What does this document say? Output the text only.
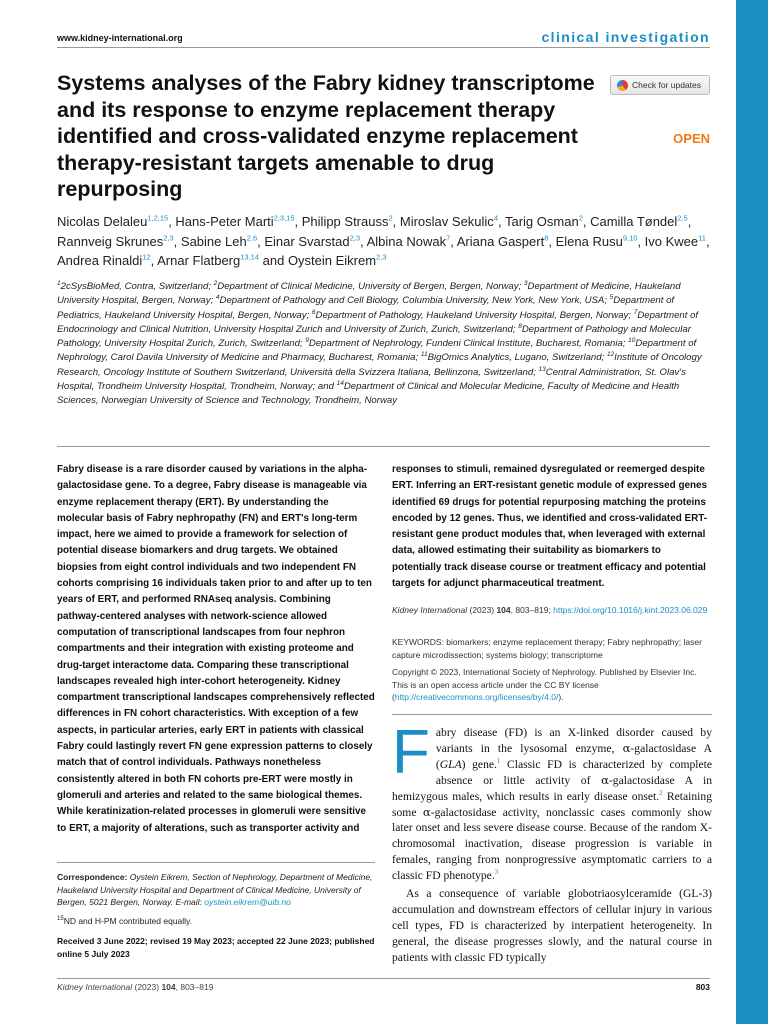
www.kidney-international.org	clinical investigation
Systems analyses of the Fabry kidney transcriptome and its response to enzyme replacement therapy identified and cross-validated enzyme replacement therapy-resistant targets amenable to drug repurposing
Check for updates
OPEN
Nicolas Delaleu$^{1,2,15}$, Hans-Peter Marti$^{2,3,15}$, Philipp Strauss$^2$, Miroslav Sekulic$^4$, Tarig Osman$^2$, Camilla Tøndel$^{2,5}$, Rannveig Skrunes$^{2,3}$, Sabine Leh$^{2,6}$, Einar Svarstad$^{2,3}$, Albina Nowak$^7$, Ariana Gaspert$^8$, Elena Rusu$^{9,10}$, Ivo Kwee$^{11}$, Andrea Rinaldi$^{12}$, Arnar Flatberg$^{13,14}$ and Oystein Eikrem$^{2,3}$
$^1$2cSysBioMed, Contra, Switzerland; $^2$Department of Clinical Medicine, University of Bergen, Bergen, Norway; $^3$Department of Medicine, Haukeland University Hospital, Bergen, Norway; $^4$Department of Pathology and Cell Biology, Columbia University, New York, New York, USA; $^5$Department of Pediatrics, Haukeland University Hospital, Bergen, Norway; $^6$Department of Pathology, Haukeland University Hospital, Bergen, Norway; $^7$Department of Endocrinology and Clinical Nutrition, University Hospital Zurich and University of Zurich, Zurich, Switzerland; $^8$Department of Pathology and Molecular Pathology, University Hospital Zurich, Zurich, Switzerland; $^9$Department of Nephrology, Fundeni Clinical Institute, Bucharest, Romania; $^{10}$Department of Nephrology, Carol Davila University of Medicine and Pharmacy, Bucharest, Romania; $^{11}$BigOmics Analytics, Lugano, Switzerland; $^{12}$Institute of Oncology Research, Oncology Institute of Southern Switzerland, Università della Svizzera Italiana, Bellinzona, Switzerland; $^{13}$Central Administration, St. Olav's Hospital, Trondheim University Hospital, Trondheim, Norway; and $^{14}$Department of Clinical and Molecular Medicine, Faculty of Medicine and Health Sciences, Norwegian University of Science and Technology, Trondheim, Norway
Fabry disease is a rare disorder caused by variations in the alpha-galactosidase gene. To a degree, Fabry disease is manageable via enzyme replacement therapy (ERT). By understanding the molecular basis of Fabry nephropathy (FN) and ERT's long-term impact, here we aimed to provide a framework for selection of potential disease biomarkers and drug targets. We obtained biopsies from eight control individuals and two independent FN cohorts comprising 16 individuals taken prior to and after up to ten years of ERT, and performed RNAseq analysis. Combining pathway-centered analyses with network-science allowed computation of transcriptional landscapes from four nephron compartments and their integration with existing proteome and drug-target interactome data. Comparing these transcriptional landscapes revealed high inter-cohort heterogeneity. Kidney compartment transcriptional landscapes comprehensively reflected differences in FN cohort characteristics. With exception of a few aspects, in particular arteries, early ERT in patients with classical Fabry could lastingly revert FN gene expression patterns to closely match that of control individuals. Pathways nonetheless consistently altered in both FN cohorts pre-ERT were mostly in glomeruli and arteries and related to the same biological themes. While keratinization-related processes in glomeruli were sensitive to ERT, a majority of alterations, such as transporter activity and
responses to stimuli, remained dysregulated or reemerged despite ERT. Inferring an ERT-resistant genetic module of expressed genes identified 69 drugs for potential repurposing matching the proteins encoded by 12 genes. Thus, we identified and cross-validated ERT-resistant gene product modules that, when leveraged with external data, allowed estimating their suitability as biomarkers to potentially track disease course or treatment efficacy and potential targets for adjunct pharmaceutical treatment.
Kidney International (2023) 104, 803–819; https://doi.org/10.1016/j.kint.2023.06.029
KEYWORDS: biomarkers; enzyme replacement therapy; Fabry nephropathy; laser capture microdissection; systems biology; transcriptome
Copyright © 2023, International Society of Nephrology. Published by Elsevier Inc. This is an open access article under the CC BY license (http://creativecommons.org/licenses/by/4.0/).

Fabry disease (FD) is an X-linked disorder caused by variants in the lysosomal enzyme, α-galactosidase A (GLA) gene.$^1$ Classic FD is characterized by complete absence or little activity of α-galactosidase A in hemizygous males, which results in early disease onset.$^2$ Retaining some α-galactosidase activity, nonclassic cases commonly show later onset and less severe disease course. Because of the random X-chromosomal inactivation, disease progression is variable in females, ranging from nonprogressive asymptomatic carriers to a classic FD phenotype.$^3$

As a consequence of variable globotriaosylceramide (GL-3) accumulation and downstream effectors of cellular injury in various cell types, FD is characterized by interpatient heterogeneity. In general, the disease progresses slowly, and the natural course in patients with classic FD typically

Correspondence: Oystein Eikrem, Section of Nephrology, Department of Medicine, Haukeland University Hospital and Department of Clinical Medicine, University of Bergen, 5021 Bergen, Norway. E-mail: oystein.eikrem@uib.no
$^{15}$ND and H-PM contributed equally.
Received 3 June 2022; revised 19 May 2023; accepted 22 June 2023; published online 5 July 2023
Kidney International (2023) 104, 803–819	803
